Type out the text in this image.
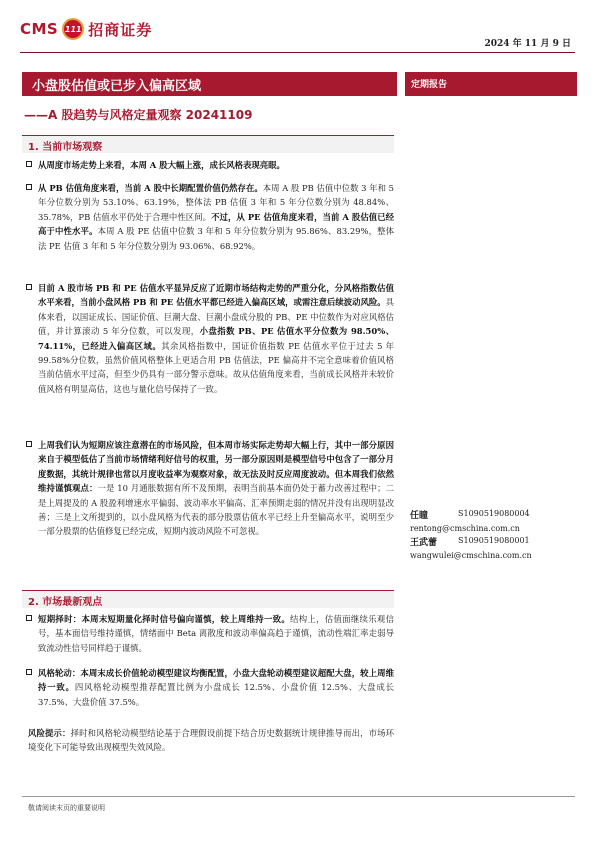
CMS 111 招商证券
2024 年 11 月 9 日
小盘股估值或已步入偏高区域
——A 股趋势与风格定量观察 20241109
定期报告
1. 当前市场观察
从周度市场走势上来看，本周 A 股大幅上涨，成长风格表现亮眼。
从 PB 估值角度来看，当前 A 股中长期配置价值仍然存在。本周 A 股 PB 估值中位数 3 年和 5 年分位数分别为 53.10%、63.19%，整体法 PB 估值 3 年和 5 年分位数分别为 48.84%、35.78%，PB 估值水平仍处于合理中性区间。不过，从 PE 估值角度来看，当前 A 股估值已经高于中性水平。本周 A 股 PE 估值中位数 3 年和 5 年分位数分别为 95.86%、83.29%，整体法 PE 估值 3 年和 5 年分位数分别为 93.06%、68.92%。
目前 A 股市场 PB 和 PE 估值水平显异反应了近期市场结构走势的严重分化，分风格指数估值水平来看，当前小盘风格 PB 和 PE 估值水平都已经进入偏高区域，或需注意后续波动风险。具体来看，以国证成长、国证价值、巨潮大盘、巨潮小盘成分股的 PB、PE 中位数作为对应风格估值，并计算滚动 5 年分位数，可以发现，小盘指数 PB、PE 估值水平分位数为 98.50%、74.11%，已经进入偏高区域。其余风格指数中，国证价值指数 PE 估值水平位于过去 5 年 99.58%分位数，虽然价值风格整体上更适合用 PB 估值法，PE 偏高并不完全意味着价值风格当前估值水平过高，但至少仍具有一部分警示意味。故从估值角度来看，当前成长风格并未较价值风格有明显高估，这也与量化信号保持了一致。
上周我们认为短期应该注意潜在的市场风险，但本周市场实际走势却大幅上行，其中一部分原因来自于模型低估了当前市场情绪利好信号的权重，另一部分原因则是模型信号中包含了一部分月度数据，其统计规律也常以月度收益率为观察对象，故无法及时反应周度波动。但本周我们依然维持谨慎观点：一是 10 月通胀数据有所不及预期，表明当前基本面仍处于蓄力改善过程中；二是上周提及的 A 股盈利增速水平偏弱、波动率水平偏高、汇率预期走弱的情况并没有出现明显改善；三是上文所提到的，以小盘风格为代表的部分股票估值水平已经上升至偏高水平，说明至少一部分股票的估值修复已经完成，短期内波动风险不可忽视。
任瞳	S1090519080004
rentong@cmschina.com.cn
王武蕾	S1090519080001
wangwulei@cmschina.com.cn
2. 市场最新观点
短期择时：本周末短期量化择时信号偏向谨慎，较上周维持一致。结构上，估值面继续乐观信号，基本面信号维持谨慎，情绪面中 Beta 离散度和波动率偏高趋于谨慎，流动性端汇率走弱导致流动性信号同样趋于谨慎。
风格轮动：本周末成长价值轮动模型建议均衡配置，小盘大盘轮动模型建议超配大盘，较上周维持一致。四风格轮动模型推荐配置比例为小盘成长 12.5%、小盘价值 12.5%、大盘成长 37.5%、大盘价值 37.5%。
风险提示：择时和风格轮动模型结论基于合理假设前提下结合历史数据统计规律推导而出，市场环境变化下可能导致出现模型失效风险。
敬请阅读末页的重要说明
